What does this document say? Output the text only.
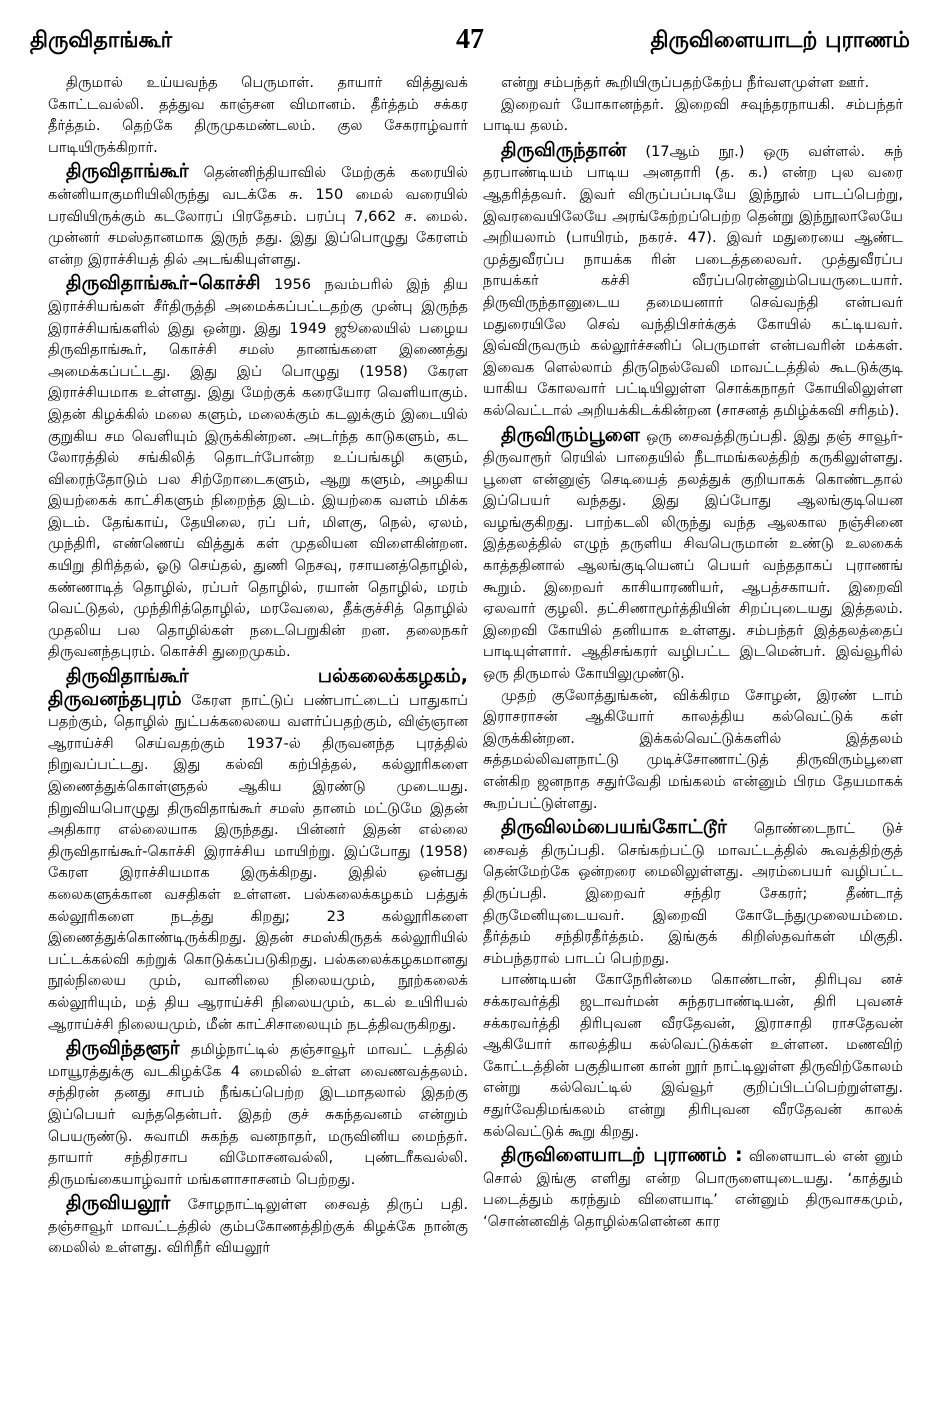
திருவிதாங்கூர்	47	திருவிளையாடற் புராணம்

திருமால் உய்யவந்த பெருமாள். தாயார் வித்துவக் கோட்டவல்லி. தத்துவ காஞ்சன விமானம். தீர்த்தம் சக்கர தீர்த்தம். தெற்கே திருமுகமண்டலம். குல சேகராழ்வார் பாடியிருக்கிறார்.

திருவிதாங்கூர் தென்னிந்தியாவில் மேற்குக் கரையில் கன்னியாகுமரியிலிருந்து வடக்கே சு. 150 மைல் வரையில் பரவியிருக்கும் கடலோரப் பிரதேசம். பரப்பு 7,662 ச. மைல். முன்னர் சமஸ்தானமாக இருந் தது. இது இப்பொழுது கேரளம் என்ற இராச்சியத் தில் அடங்கியுள்ளது.

திருவிதாங்கூர்–கொச்சி 1956 நவம்பரில் இந் திய இராச்சியங்கள் சீர்திருத்தி அமைக்கப்பட்டதற்கு முன்பு இருந்த இராச்சியங்களில் இது ஒன்று. இது 1949 ஜூலையில் பழைய திருவிதாங்கூர், கொச்சி சமஸ் தானங்களை இணைத்து அமைக்கப்பட்டது. இது இப் பொழுது (1958) கேரள இராச்சியமாக உள்ளது. இது மேற்குக் கரையோர வெளியாகும். இதன் கிழக்கில் மலை களும், மலைக்கும் கடலுக்கும் இடையில் குறுகிய சம வெளியும் இருக்கின்றன. அடர்ந்த காடுகளும், கட லோரத்தில் சங்கிலித் தொடர்போன்ற உப்பங்கழி களும், விரைந்தோடும் பல சிற்றோடைகளும், ஆறு களும், அழகிய இயற்கைக் காட்சிகளும் நிறைந்த இடம். இயற்கை வளம் மிக்க இடம். தேங்காய், தேயிலை, ரப் பர், மிளகு, நெல், ஏலம், முந்திரி, எண்ணெய் வித்துக் கள் முதலியன விளைகின்றன. கயிறு திரித்தல், ஓடு செய்தல், துணி நெசவு, ரசாயனத்தொழில், கண்ணாடித் தொழில், ரப்பர் தொழில், ரயான் தொழில், மரம் வெட்டுதல், முந்திரித்தொழில், மரவேலை, தீக்குச்சித் தொழில் முதலிய பல தொழில்கள் நடைபெறுகின் றன. தலைநகர் திருவனந்தபுரம். கொச்சி துறைமுகம்.

திருவிதாங்கூர் பல்கலைக்கழகம், திருவனந்தபுரம் கேரள நாட்டுப் பண்பாட்டைப் பாதுகாப் பதற்கும், தொழில் நுட்பக்கலையை வளர்ப்பதற்கும், விஞ்ஞான ஆராய்ச்சி செய்வதற்கும் 1937-ல் திருவனந்த புரத்தில் நிறுவப்பட்டது. இது கல்வி கற்பித்தல், கல்லூரிகளை இணைத்துக்கொள்ளுதல் ஆகிய இரண்டு முடையது. நிறுவியபொழுது திருவிதாங்கூர் சமஸ் தானம் மட்டுமே இதன் அதிகார எல்லையாக இருந்தது. பின்னர் இதன் எல்லை திருவிதாங்கூர்-கொச்சி இராச்சிய மாயிற்று. இப்போது (1958) கேரள இராச்சியமாக இருக்கிறது. இதில் ஒன்பது கலைகளுக்கான வசதிகள் உள்ளன. பல்கலைக்கழகம் பத்துக் கல்லூரிகளை நடத்து கிறது; 23 கல்லூரிகளை இணைத்துக்கொண்டிருக்கிறது. இதன் சமஸ்கிருதக் கல்லூரியில் பட்டக்கல்வி கற்றுக் கொடுக்கப்படுகிறது. பல்கலைக்கழகமானது நூல்நிலைய மும், வானிலை நிலையமும், நூற்கலைக் கல்லூரியும், மத் திய ஆராய்ச்சி நிலையமும், கடல் உயிரியல் ஆராய்ச்சி நிலையமும், மீன் காட்சிசாலையும் நடத்திவருகிறது.

திருவிந்தளூர் தமிழ்நாட்டில் தஞ்சாவூர் மாவட் டத்தில் மாயூரத்துக்கு வடகிழக்கே 4 மைலில் உள்ள வைணவத்தலம். சந்திரன் தனது சாபம் நீங்கப்பெற்ற இடமாதலால் இதற்கு இப்பெயர் வந்ததென்பர். இதற் குச் சுகந்தவனம் என்றும் பெயருண்டு. சுவாமி சுகந்த வனநாதர், மருவினிய மைந்தர். தாயார் சந்திரசாப விமோசனவல்லி, புண்டரீகவல்லி. திருமங்கையாழ்வார் மங்களாசாசனம் பெற்றது.

திருவியலூர் சோழநாட்டிலுள்ள சைவத் திருப் பதி. தஞ்சாவூர் மாவட்டத்தில் கும்பகோணத்திற்குக் கிழக்கே நான்கு மைலில் உள்ளது. விரிநீர் வியலூர்

என்று சம்பந்தர் கூறியிருப்பதற்கேற்ப நீர்வளமுள்ள ஊர்.

இறைவர் யோகானந்தர். இறைவி சவுந்தரநாயகி. சம்பந்தர் பாடிய தலம்.

திருவிருந்தான் (17ஆம் நூ.) ஒரு வள்ளல். சுந் தரபாண்டியம் பாடிய அனதாரி (த. க.) என்ற புல வரை ஆதரித்தவர். இவர் விருப்பப்படியே இந்நூல் பாடப்பெற்று, இவரவையிலேயே அரங்கேற்றப்பெற்ற தென்று இந்நூலாலேயே அறியலாம் (பாயிரம், நகரச். 47). இவர் மதுரையை ஆண்ட முத்துவீரப்ப நாயக்க ரின் படைத்தலைவர். முத்துவீரப்ப நாயக்கர் கச்சி வீரப்பரென்னும்பெயருடையார். திருவிருந்தானுடைய தமையனார் செவ்வந்தி என்பவர் மதுரையிலே செவ் வந்திபிசர்க்குக் கோயில் கட்டியவர். இவ்விருவரும் கல்லூர்ச்சனிப் பெருமாள் என்பவரின் மக்கள். இவைக ளெல்லாம் திருநெல்வேலி மாவட்டத்தில் கூடடுக்குடி யாகிய கோலவார் பட்டியிலுள்ள சொக்கநாதர் கோயிலிலுள்ள கல்வெட்டால் அறியக்கிடக்கின்றன (சாசனத் தமிழ்க்கவி சரிதம்).

திருவிரும்பூளை ஒரு சைவத்திருப்பதி. இது தஞ் சாவூர்-திருவாரூர் ரெயில் பாதையில் நீடாமங்கலத்திற் கருகிலுள்ளது. பூளை என்னுஞ் செடியைத் தலத்துக் குறியாகக் கொண்டதால் இப்பெயர் வந்தது. இது இப்போது ஆலங்குடியென வழங்குகிறது. பாற்கடலி லிருந்து வந்த ஆலகால நஞ்சினை இத்தலத்தில் எழுந் தருளிய சிவபெருமான் உண்டு உலகைக் காத்ததினால் ஆலங்குடியெனப் பெயர் வந்ததாகப் புராணங் கூறும். இறைவர் காசியாரணியர், ஆபத்சகாயர். இறைவி ஏலவார் குழலி. தட்சிணாமூர்த்தியின் சிறப்புடையது இத்தலம். இறைவி கோயில் தனியாக உள்ளது. சம்பந்தர் இத்தலத்தைப் பாடியுள்ளார். ஆதிசங்கரர் வழிபட்ட இடமென்பர். இவ்வூரில் ஒரு திருமால் கோயிலுமுண்டு.

முதற் குலோத்துங்கன், விக்கிரம சோழன், இரண் டாம் இராசராசன் ஆகியோர் காலத்திய கல்வெட்டுக் கள் இருக்கின்றன. இக்கல்வெட்டுக்களில் இத்தலம் சுத்தமல்லிவளநாட்டு முடிச்சோணாட்டுத் திருவிரும்பூளை என்கிற ஜனநாத சதுர்வேதி மங்கலம் என்னும் பிரம தேயமாகக் கூறப்பட்டுள்ளது.

திருவிலம்பையங்கோட்டூர் தொண்டைநாட் டுச் சைவத் திருப்பதி. செங்கற்பட்டு மாவட்டத்தில் கூவத்திற்குத் தென்மேற்கே ஒன்றரை மைலிலுள்ளது. அரம்பையர் வழிபட்ட திருப்பதி. இறைவர் சந்திர சேகரர்; தீண்டாத் திருமேனியுடையவர். இறைவி கோடேந்துமுலையம்மை. தீர்த்தம் சந்திரதீர்த்தம். இங்குக் கிறிஸ்தவர்கள் மிகுதி. சம்பந்தரால் பாடப் பெற்றது.

பாண்டியன் கோநேரின்மை கொண்டான், திரிபுவ னச் சக்கரவர்த்தி ஜடாவர்மன் சுந்தரபாண்டியன், திரி புவனச் சக்கரவர்த்தி திரிபுவன வீரதேவன், இராசாதி ராசதேவன் ஆகியோர் காலத்திய கல்வெட்டுக்கள் உள்ளன. மணவிற் கோட்டத்தின் பகுதியான கான் றூர் நாட்டிலுள்ள திருவிற்கோலம் என்று கல்வெட்டில் இவ்வூர் குறிப்பிடப்பெற்றுள்ளது. சதுர்வேதிமங்கலம் என்று திரிபுவன வீரதேவன் காலக் கல்வெட்டுக் கூறு கிறது.

திருவிளையாடற் புராணம் : விளையாடல் என் னும் சொல் இங்கு எளிது என்ற பொருளையுடையது. ‘காத்தும் படைத்தும் கரந்தும் விளையாடி’ என்னும் திருவாசகமும், ‘சொன்னவித் தொழில்களென்ன கார
